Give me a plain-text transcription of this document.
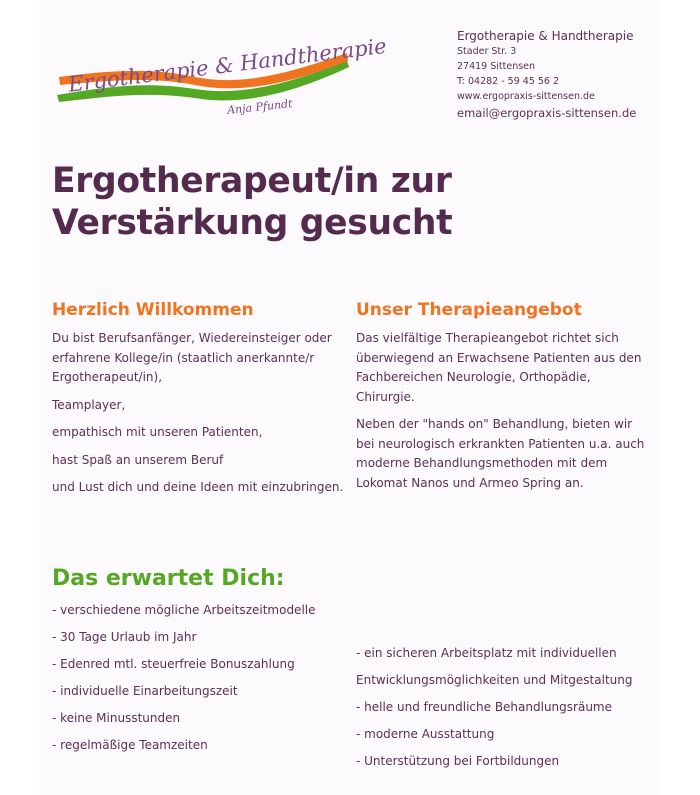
Ergotherapie & Handtherapie
Anja Pfundt
Ergotherapie & Handtherapie
Stader Str. 3
27419 Sittensen
T: 04282 - 59 45 56 2
www.ergopraxis-sittensen.de
email@ergopraxis-sittensen.de
Ergotherapeut/in zur
Verstärkung gesucht
Herzlich Willkommen

Du bist Berufsanfänger, Wiedereinsteiger oder erfahrene Kollege/in (staatlich anerkannte/r Ergotherapeut/in),

Teamplayer,

empathisch mit unseren Patienten,

hast Spaß an unserem Beruf

und Lust dich und deine Ideen mit einzubringen.

Unser Therapieangebot

Das vielfältige Therapieangebot richtet sich überwiegend an Erwachsene Patienten aus den Fachbereichen Neurologie, Orthopädie, Chirurgie.

Neben der "hands on" Behandlung, bieten wir bei neurologisch erkrankten Patienten u.a. auch moderne Behandlungsmethoden mit dem Lokomat Nanos und Armeo Spring an.

Das erwartet Dich:
- verschiedene mögliche Arbeitszeitmodelle
- 30 Tage Urlaub im Jahr
- Edenred mtl. steuerfreie Bonuszahlung
- individuelle Einarbeitungszeit
- keine Minusstunden
- regelmäßige Teamzeiten
- ein sicheren Arbeitsplatz mit individuellen
Entwicklungsmöglichkeiten und Mitgestaltung
- helle und freundliche Behandlungsräume
- moderne Ausstattung
- Unterstützung bei Fortbildungen
